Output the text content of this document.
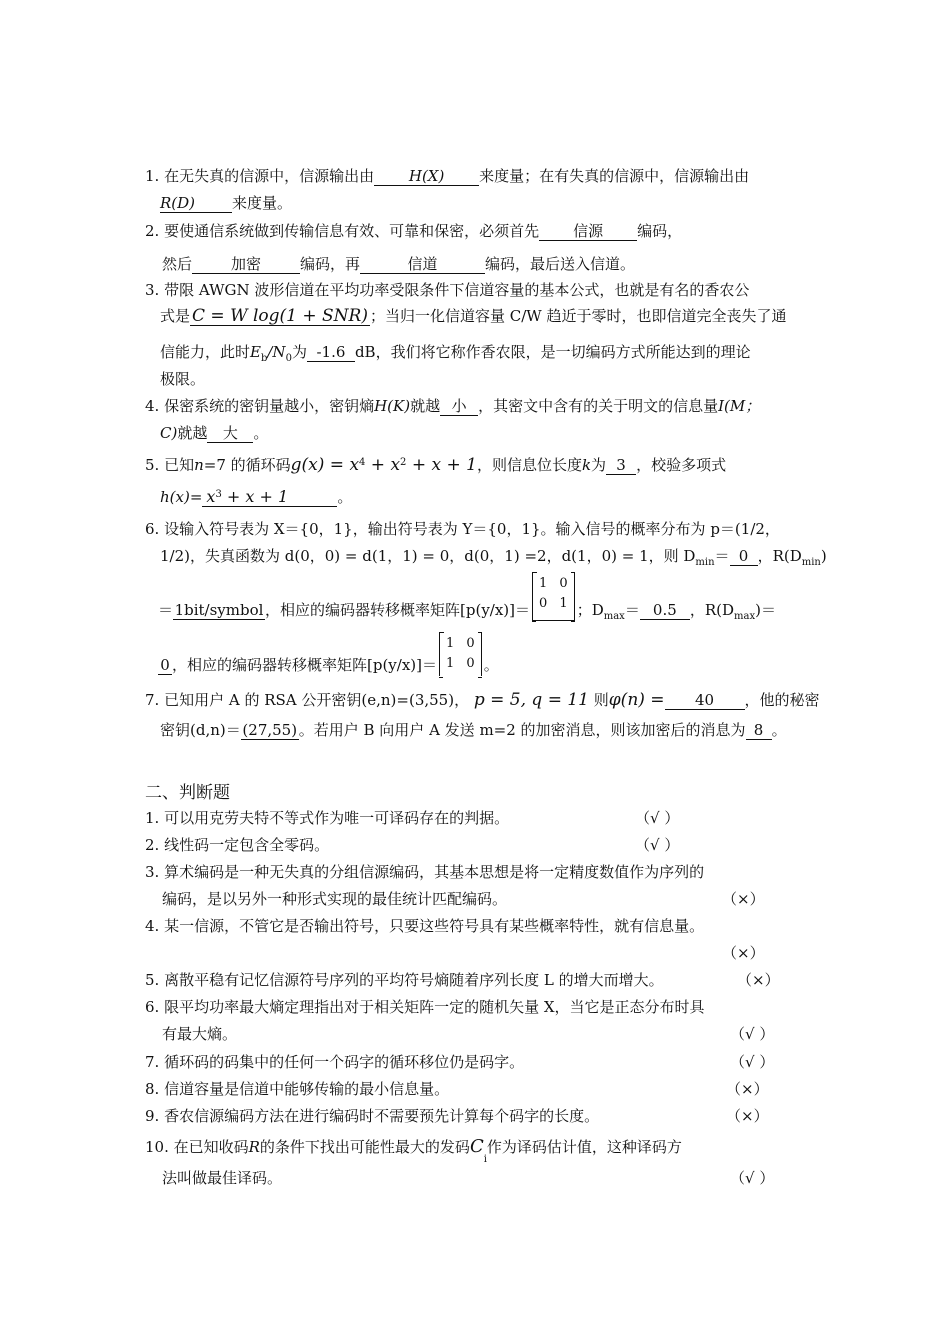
1. 在无失真的信源中，信源输出由 H(X) 来度量；在有失真的信源中，信源输出由
R(D) 来度量。
2. 要使通信系统做到传输信息有效、可靠和保密，必须首先 信源 编码，
然后	加密	编码，再	信道	编码，最后送入信道。
3. 带限 AWGN 波形信道在平均功率受限条件下信道容量的基本公式，也就是有名的香农公
式是 C = W log(1 + SNR) ；当归一化信道容量 C/W 趋近于零时，也即信道完全丧失了通
信能力，此时$E_b/N_0$为 -1.6 dB，我们将它称作香农限，是一切编码方式所能达到的理论
极限。
4. 保密系统的密钥量越小，密钥熵H(K)就越 小 ，其密文中含有的关于明文的信息量I(M；
C)就越 大 。
5. 已知n=7 的循环码$g(x) = x^4 + x^2 + x + 1$，则信息位长度k为 3 ，校验多项式
$h(x)= x^3 + x + 1$	。
6. 设输入符号表为 X＝{0，1}，输出符号表为 Y＝{0，1}。输入信号的概率分布为 p＝(1/2，
1/2)，失真函数为 d(0，0) = d(1，1) = 0，d(0，1) =2，d(1，0) = 1，则 $D_{min}= 0$ ，$R(D_{min})$
＝ 1bit/symbol ，相应的编码器转移概率矩阵[p(y/x)]＝
1 0
0 1 ；$D_{max}= 0.5$ ，$R(D_{max})=$
0 ，相应的编码器转移概率矩阵[p(y/x)]＝
1 0
1 0 。
7. 已知用户 A 的 RSA 公开密钥(e,n)=(3,55)， p = 5, q = 11 则φ(n) = 40 ，他的秘密
密钥(d,n)＝ (27,55) 。若用户 B 向用户 A 发送 m=2 的加密消息，则该加密后的消息为 8 。
二、判断题
1. 可以用克劳夫特不等式作为唯一可译码存在的判据。	（√ ）
2. 线性码一定包含全零码。	（√ ）
3. 算术编码是一种无失真的分组信源编码，其基本思想是将一定精度数值作为序列的
编码，是以另外一种形式实现的最佳统计匹配编码。	（×）
4. 某一信源，不管它是否输出符号，只要这些符号具有某些概率特性，就有信息量。
（×）
5. 离散平稳有记忆信源符号序列的平均符号熵随着序列长度 L 的增大而增大。	（×）
6. 限平均功率最大熵定理指出对于相关矩阵一定的随机矢量 X，当它是正态分布时具
有最大熵。	（√ ）
7. 循环码的码集中的任何一个码字的循环移位仍是码字。	（√ ）
8. 信道容量是信道中能够传输的最小信息量。	（×）
9. 香农信源编码方法在进行编码时不需要预先计算每个码字的长度。	（×）
10. 在已知收码R的条件下找出可能性最大的发码$C_i$作为译码估计值，这种译码方
法叫做最佳译码。	（√ ）
